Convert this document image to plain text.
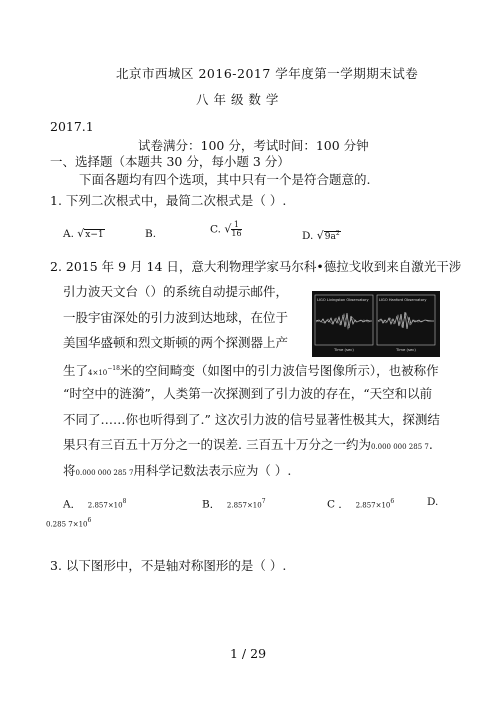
北京市西城区 2016-2017 学年度第一学期期末试卷
八 年 级 数 学
2017.1
试卷满分：100 分，考试时间：100 分钟
一、选择题（本题共 30 分，每小题 3 分）
下面各题均有四个选项，其中只有一个是符合题意的.
1. 下列二次根式中，最简二次根式是（ ）.
A. √x−1	B.	C. √ $\frac{1}{16}$	D. $√9a^2$
2. 2015 年 9 月 14 日，意大利物理学家马尔科•德拉戈收到来自激光干涉
引力波天文台（）的系统自动提示邮件，
一股宇宙深处的引力波到达地球，在位于
美国华盛顿和烈文斯顿的两个探测器上产
LIGO Livingston Observatory	LIGO Hanford Observatory
Time (sec)	Time (sec)
生了$4\times 10^{-18}$米的空间畸变（如图中的引力波信号图像所示），也被称作
“时空中的涟漪”，人类第一次探测到了引力波的存在，“天空和以前
不同了……你也听得到了.” 这次引力波的信号显著性极其大，探测结
果只有三百五十万分之一的误差. 三百五十万分之一约为0.000 000 285 7.
将0.000 000 285 7用科学记数法表示应为（ ）.
A． $2.857\times 10^8$	B． $2.857\times 10^7$	C ． $2.857\times 10^6$	D.
0.285 $7\times 10^6$
3. 以下图形中，不是轴对称图形的是（ ）.
1 / 29
